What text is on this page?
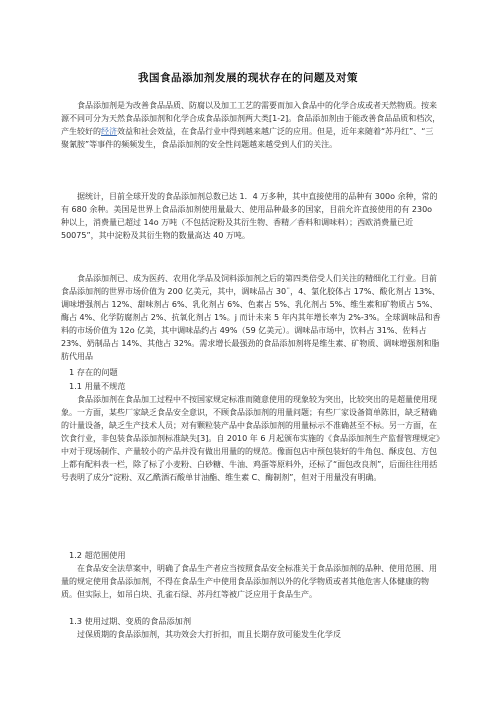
我国食品添加剂发展的现状存在的问题及对策

食品添加剂是为改善食品品质、防腐以及加工工艺的需要而加入食品中的化学合成或者天然物质。按来源不同可分为天然食品添加剂和化学合成食品添加剂两大类[1-2]。食品添加剂由于能改善食品品质和档次，产生较好的经济效益和社会效益，在食品行业中得到越来越广泛的应用。但是，近年来随着“苏丹红”、“三聚氰胺”等事件的频频发生，食品添加剂的安全性问题越来越受到人们的关注。

据统计，目前全球开发的食品添加剂总数已达 1．4 万多种，其中直接使用的品种有 300o 余种，常的有 680 余种。美国是世界上食品添加剂使用量最大、使用品种最多的国家，目前允许直接使用的有 230o 种以上，消费量已超过 14o 万吨（不包括淀粉及其衍生物、香精／香料和调味料）；西欧消费量已近 50075”，其中淀粉及其衍生物的数量高达 40 万吨。

食品添加剂已、成为医药、农用化学品及饲料添加剂之后的第四类倍受人们关注的精细化工行业。目前食品添加剂的世界市场价值为 200 亿美元，其中，调味品占 30¨，4、氯化胶体占 17%、酸化剂占 13%、调味增强剂占 12%、甜味剂占 6%、乳化剂占 6%、色素占 5%、乳化剂占 5%、维生素和矿物质占 5%、酶占 4%、化学防腐剂占 2%、抗氧化剂占 1%。j 而计未来 5 年内其年增长率为 2%-3%。全球调味品和香料的市场价值为 12o 亿美，其中调味品约占 49%（59 亿美元）。调味品市场中，饮料占 31%、佐料占 23%、奶制品占 14%、其他占 32%。需求增长最强劲的食品添加剂将是维生素、矿物质、调味增强剂和脂肪代用品

1 存在的问题

1.1 用量不规范

食品添加剂在食品加工过程中不按国家规定标准而随意使用的现象较为突出，比较突出的是超量使用现象。一方面，某些厂家缺乏食品安全意识，不顾食品添加剂的用量问题；有些厂家设备简单陈旧，缺乏精确的计量设备，缺乏生产技术人员；对有颗粒装产品中食品添加剂的用量标示不准确甚至不标。另一方面，在饮食行业，非包装食品添加剂标准缺失[3]。自 2010 年 6 月起颁布实施的《食品添加剂生产监督管理规定》中对于现场制作、产量较小的产品并没有做出用量的的规范。像面包店中预包装好的牛角包、酥皮包、方包上都有配料表一栏，除了标了小麦粉、白砂糖、牛油、鸡蛋等原料外，还标了“面包改良剂”，后面往往用括号表明了成分“淀粉、双乙酰酒石酸单甘油酯、维生素 C、酶制剂”，但对于用量没有明确。

1.2 超范围使用

在食品安全法草案中，明确了食品生产者应当按照食品安全标准关于食品添加剂的品种、使用范围、用量的规定使用食品添加剂，不得在食品生产中使用食品添加剂以外的化学物质或者其他危害人体健康的物质。但实际上，如吊白块、孔雀石绿、苏丹红等被广泛应用于食品生产。

1.3 使用过期、变质的食品添加剂

过保质期的食品添加剂，其功效会大打折扣，而且长期存放可能发生化学反
